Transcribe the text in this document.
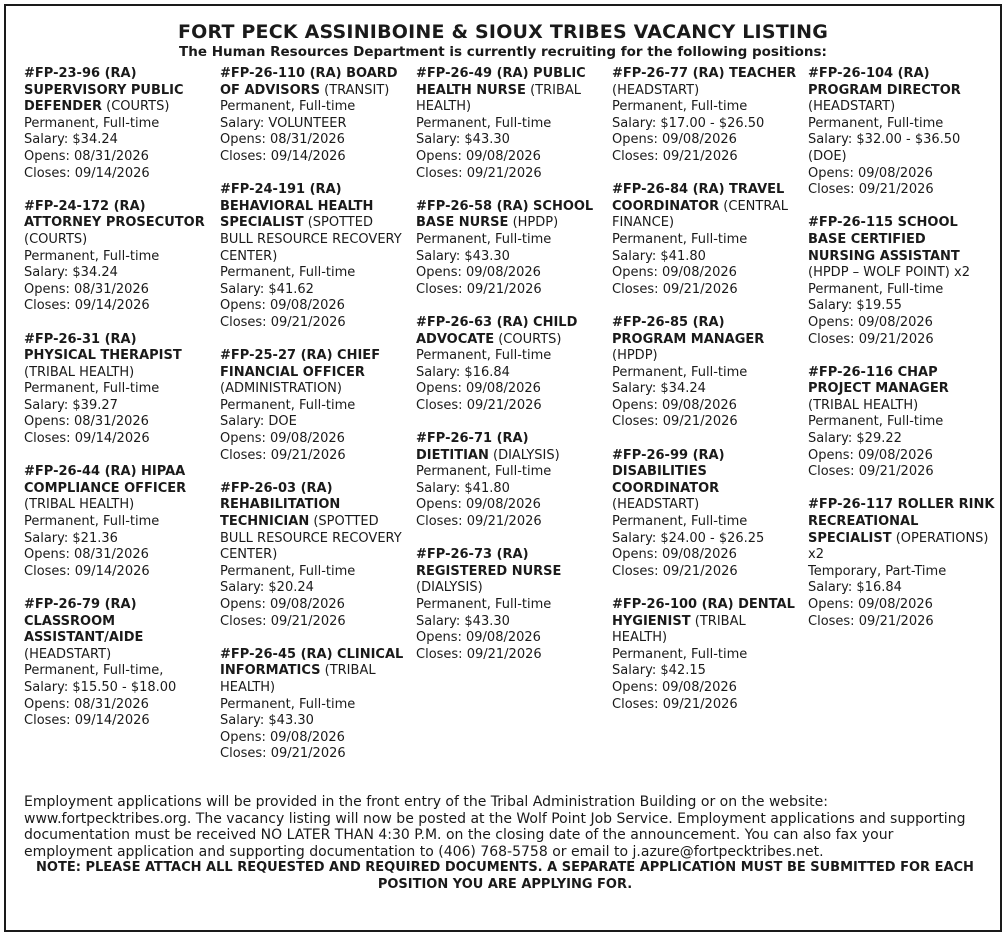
FORT PECK ASSINIBOINE & SIOUX TRIBES VACANCY LISTING
The Human Resources Department is currently recruiting for the following positions:
#FP-23-96 (RA) SUPERVISORY PUBLIC DEFENDER (COURTS)
Permanent, Full-time
Salary: $34.24
Opens: 08/31/2026
Closes: 09/14/2026
#FP-24-172 (RA) ATTORNEY PROSECUTOR (COURTS)
Permanent, Full-time
Salary: $34.24
Opens: 08/31/2026
Closes: 09/14/2026
#FP-26-31 (RA) PHYSICAL THERAPIST (TRIBAL HEALTH)
Permanent, Full-time
Salary: $39.27
Opens: 08/31/2026
Closes: 09/14/2026
#FP-26-44 (RA) HIPAA COMPLIANCE OFFICER (TRIBAL HEALTH)
Permanent, Full-time
Salary: $21.36
Opens: 08/31/2026
Closes: 09/14/2026
#FP-26-79 (RA) CLASSROOM ASSISTANT/AIDE (HEADSTART)
Permanent, Full-time,
Salary: $15.50 - $18.00
Opens: 08/31/2026
Closes: 09/14/2026
#FP-26-110 (RA) BOARD OF ADVISORS (TRANSIT)
Permanent, Full-time
Salary: VOLUNTEER
Opens: 08/31/2026
Closes: 09/14/2026
#FP-24-191 (RA) BEHAVIORAL HEALTH SPECIALIST (SPOTTED BULL RESOURCE RECOVERY CENTER)
Permanent, Full-time
Salary: $41.62
Opens: 09/08/2026
Closes: 09/21/2026
#FP-25-27 (RA) CHIEF FINANCIAL OFFICER (ADMINISTRATION)
Permanent, Full-time
Salary: DOE
Opens: 09/08/2026
Closes: 09/21/2026
#FP-26-03 (RA) REHABILITATION TECHNICIAN (SPOTTED BULL RESOURCE RECOVERY CENTER)
Permanent, Full-time
Salary: $20.24
Opens: 09/08/2026
Closes: 09/21/2026
#FP-26-45 (RA) CLINICAL INFORMATICS (TRIBAL HEALTH)
Permanent, Full-time
Salary: $43.30
Opens: 09/08/2026
Closes: 09/21/2026
#FP-26-49 (RA) PUBLIC HEALTH NURSE (TRIBAL HEALTH)
Permanent, Full-time
Salary: $43.30
Opens: 09/08/2026
Closes: 09/21/2026
#FP-26-58 (RA) SCHOOL BASE NURSE (HPDP)
Permanent, Full-time
Salary: $43.30
Opens: 09/08/2026
Closes: 09/21/2026
#FP-26-63 (RA) CHILD ADVOCATE (COURTS)
Permanent, Full-time
Salary: $16.84
Opens: 09/08/2026
Closes: 09/21/2026
#FP-26-71 (RA) DIETITIAN (DIALYSIS)
Permanent, Full-time
Salary: $41.80
Opens: 09/08/2026
Closes: 09/21/2026
#FP-26-73 (RA) REGISTERED NURSE (DIALYSIS)
Permanent, Full-time
Salary: $43.30
Opens: 09/08/2026
Closes: 09/21/2026
#FP-26-77 (RA) TEACHER (HEADSTART)
Permanent, Full-time
Salary: $17.00 - $26.50
Opens: 09/08/2026
Closes: 09/21/2026
#FP-26-84 (RA) TRAVEL COORDINATOR (CENTRAL FINANCE)
Permanent, Full-time
Salary: $41.80
Opens: 09/08/2026
Closes: 09/21/2026
#FP-26-85 (RA) PROGRAM MANAGER (HPDP)
Permanent, Full-time
Salary: $34.24
Opens: 09/08/2026
Closes: 09/21/2026
#FP-26-99 (RA) DISABILITIES COORDINATOR (HEADSTART)
Permanent, Full-time
Salary: $24.00 - $26.25
Opens: 09/08/2026
Closes: 09/21/2026
#FP-26-100 (RA) DENTAL HYGIENIST (TRIBAL HEALTH)
Permanent, Full-time
Salary: $42.15
Opens: 09/08/2026
Closes: 09/21/2026
#FP-26-104 (RA) PROGRAM DIRECTOR (HEADSTART)
Permanent, Full-time
Salary: $32.00 - $36.50 (DOE)
Opens: 09/08/2026
Closes: 09/21/2026
#FP-26-115 SCHOOL BASE CERTIFIED NURSING ASSISTANT (HPDP – WOLF POINT) x2
Permanent, Full-time
Salary: $19.55
Opens: 09/08/2026
Closes: 09/21/2026
#FP-26-116 CHAP PROJECT MANAGER (TRIBAL HEALTH)
Permanent, Full-time
Salary: $29.22
Opens: 09/08/2026
Closes: 09/21/2026
#FP-26-117 ROLLER RINK RECREATIONAL SPECIALIST (OPERATIONS) x2
Temporary, Part-Time
Salary: $16.84
Opens: 09/08/2026
Closes: 09/21/2026
Employment applications will be provided in the front entry of the Tribal Administration Building or on the website: www.fortpecktribes.org. The vacancy listing will now be posted at the Wolf Point Job Service. Employment applications and supporting documentation must be received NO LATER THAN 4:30 P.M. on the closing date of the announcement. You can also fax your employment application and supporting documentation to (406) 768-5758 or email to j.azure@fortpecktribes.net.
NOTE: PLEASE ATTACH ALL REQUESTED AND REQUIRED DOCUMENTS. A SEPARATE APPLICATION MUST BE SUBMITTED FOR EACH POSITION YOU ARE APPLYING FOR.
